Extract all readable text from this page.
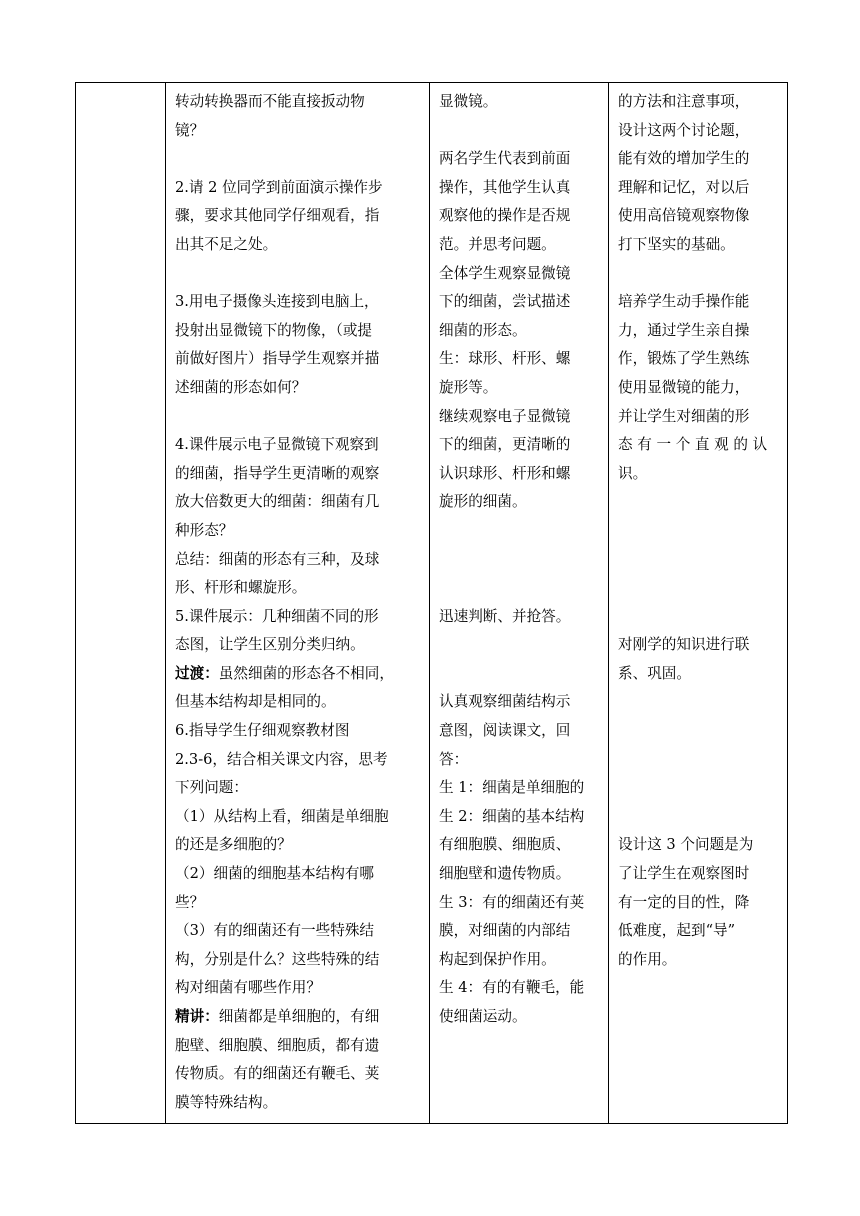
转动转换器而不能直接扳动物

镜？

2.请 2 位同学到前面演示操作步

骤，要求其他同学仔细观看，指

出其不足之处。

3.用电子摄像头连接到电脑上，

投射出显微镜下的物像，（或提

前做好图片）指导学生观察并描

述细菌的形态如何？

4.课件展示电子显微镜下观察到

的细菌，指导学生更清晰的观察

放大倍数更大的细菌：细菌有几

种形态？

总结：细菌的形态有三种，及球

形、杆形和螺旋形。

5.课件展示：几种细菌不同的形

态图，让学生区别分类归纳。

过渡：虽然细菌的形态各不相同，

但基本结构却是相同的。

6.指导学生仔细观察教材图

2.3-6，结合相关课文内容，思考

下列问题：

（1）从结构上看，细菌是单细胞

的还是多细胞的？

（2）细菌的细胞基本结构有哪

些？

（3）有的细菌还有一些特殊结

构，分别是什么？这些特殊的结

构对细菌有哪些作用？

精讲：细菌都是单细胞的，有细

胞壁、细胞膜、细胞质，都有遗

传物质。有的细菌还有鞭毛、荚

膜等特殊结构。

显微镜。

两名学生代表到前面

操作，其他学生认真

观察他的操作是否规

范。并思考问题。

全体学生观察显微镜

下的细菌，尝试描述

细菌的形态。

生：球形、杆形、螺

旋形等。

继续观察电子显微镜

下的细菌，更清晰的

认识球形、杆形和螺

旋形的细菌。

迅速判断、并抢答。

认真观察细菌结构示

意图，阅读课文，回

答：

生 1：细菌是单细胞的

生 2：细菌的基本结构

有细胞膜、细胞质、

细胞壁和遗传物质。

生 3：有的细菌还有荚

膜，对细菌的内部结

构起到保护作用。

生 4：有的有鞭毛，能

使细菌运动。

的方法和注意事项，

设计这两个讨论题，

能有效的增加学生的

理解和记忆，对以后

使用高倍镜观察物像

打下坚实的基础。

培养学生动手操作能

力，通过学生亲自操

作，锻炼了学生熟练

使用显微镜的能力，

并让学生对细菌的形

态 有 一 个 直 观 的 认

识。

对刚学的知识进行联

系、巩固。

设计这 3 个问题是为

了让学生在观察图时

有一定的目的性，降

低难度，起到“导”

的作用。
